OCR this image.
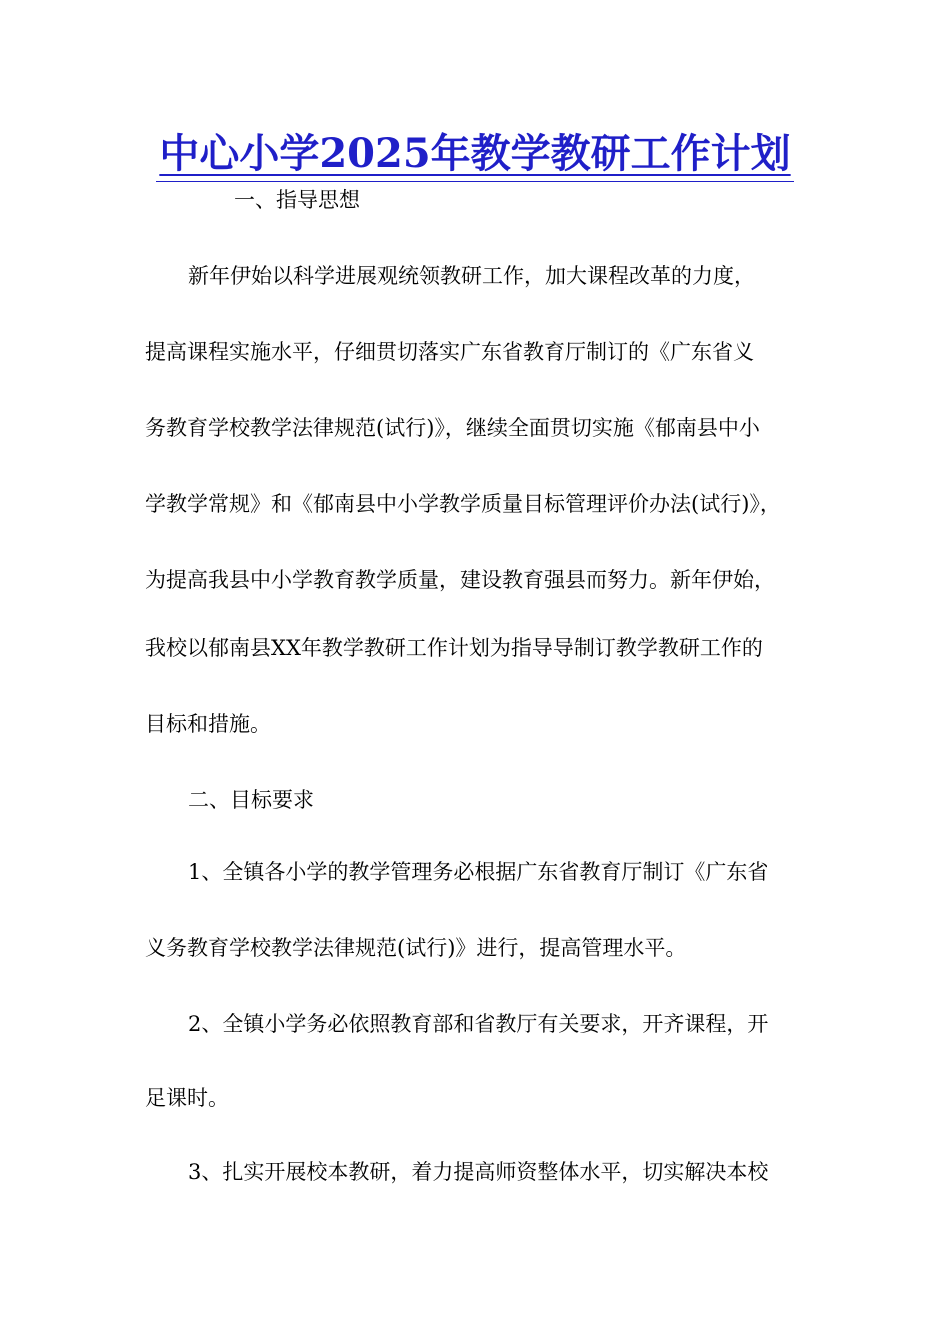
中心小学2025年教学教研工作计划

一、指导思想

新年伊始以科学进展观统领教研工作，加大课程改革的力度，

提高课程实施水平，仔细贯切落实广东省教育厅制订的《广东省义

务教育学校教学法律规范(试行)》，继续全面贯切实施《郁南县中小

学教学常规》和《郁南县中小学教学质量目标管理评价办法(试行)》，

为提高我县中小学教育教学质量，建设教育强县而努力。新年伊始，

我校以郁南县XX年教学教研工作计划为指导导制订教学教研工作的

目标和措施。

二、目标要求

1、全镇各小学的教学管理务必根据广东省教育厅制订《广东省

义务教育学校教学法律规范(试行)》进行，提高管理水平。

2、全镇小学务必依照教育部和省教厅有关要求，开齐课程，开

足课时。

3、扎实开展校本教研，着力提高师资整体水平，切实解决本校
